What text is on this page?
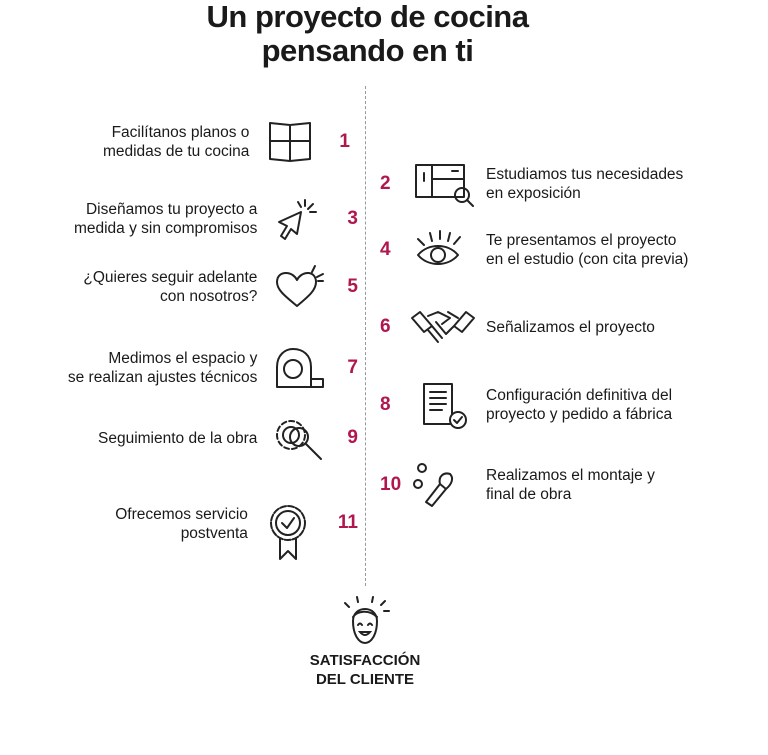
Un proyecto de cocina
pensando en ti
Facilítanos planos o
medidas de tu cocina	1
Diseñamos tu proyecto a
medida y sin compromisos	3
¿Quieres seguir adelante
con nosotros?	5
Medimos el espacio y
se realizan ajustes técnicos	7
Seguimiento de la obra	9
Ofrecemos servicio
postventa
11
2	Estudiamos tus necesidades
en exposición
4	Te presentamos el proyecto
en el estudio (con cita previa)
6	Señalizamos el proyecto
8	Configuración definitiva del
proyecto y pedido a fábrica
10	Realizamos el montaje y
final de obra
SATISFACCIÓN
DEL CLIENTE
